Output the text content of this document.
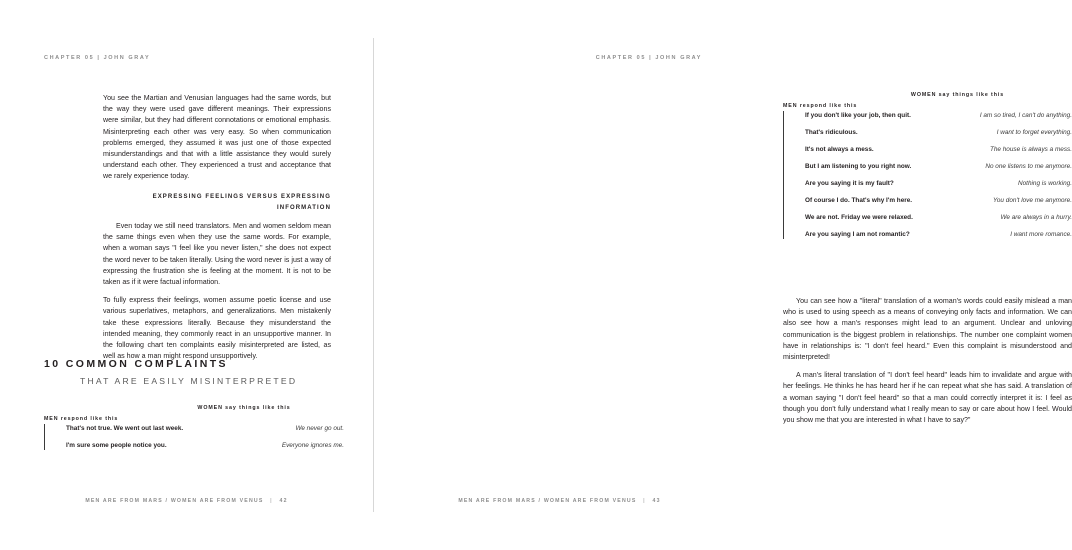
CHAPTER 05 | JOHN GRAY

You see the Martian and Venusian languages had the same words, but the way they were used gave different meanings. Their expressions were similar, but they had different connotations or emotional emphasis. Misinterpreting each other was very easy. So when communication problems emerged, they assumed it was just one of those expected misunderstandings and that with a little assistance they would surely understand each other. They experienced a trust and acceptance that we rarely experience today.

EXPRESSING FEELINGS VERSUS EXPRESSING INFORMATION

Even today we still need translators. Men and women seldom mean the same things even when they use the same words. For example, when a woman says "I feel like you never listen," she does not expect the word never to be taken literally. Using the word never is just a way of expressing the frustration she is feeling at the moment. It is not to be taken as if it were factual information.

To fully express their feelings, women assume poetic license and use various superlatives, metaphors, and generalizations. Men mistakenly take these expressions literally. Because they misunderstand the intended meaning, they commonly react in an unsupportive manner. In the following chart ten complaints easily misinterpreted are listed, as well as how a man might respond unsupportively.

10 COMMON COMPLAINTS
THAT ARE EASILY MISINTERPRETED
WOMEN say things like this
MEN respond like this
That's not true. We went out last week.	We never go out.
I'm sure some people notice you.	Everyone ignores me.
MEN ARE FROM MARS / WOMEN ARE FROM VENUS | 42
CHAPTER 05 | JOHN GRAY
WOMEN say things like this
MEN respond like this
If you don't like your job, then quit.	I am so tired, I can't do anything.
That's ridiculous.	I want to forget everything.
It's not always a mess.	The house is always a mess.
But I am listening to you right now.	No one listens to me anymore.
Are you saying it is my fault?	Nothing is working.
Of course I do. That's why I'm here.	You don't love me anymore.
We are not. Friday we were relaxed.	We are always in a hurry.
Are you saying I am not romantic?	I want more romance.

You can see how a "literal" translation of a woman's words could easily mislead a man who is used to using speech as a means of conveying only facts and information. We can also see how a man's responses might lead to an argument. Unclear and unloving communication is the biggest problem in relationships. The number one complaint women have in relationships is: "I don't feel heard." Even this complaint is misunderstood and misinterpreted!

A man's literal translation of "I don't feel heard" leads him to invalidate and argue with her feelings. He thinks he has heard her if he can repeat what she has said. A translation of a woman saying "I don't feel heard" so that a man could correctly interpret it is: I feel as though you don't fully understand what I really mean to say or care about how I feel. Would you show me that you are interested in what I have to say?"

MEN ARE FROM MARS / WOMEN ARE FROM VENUS | 43
